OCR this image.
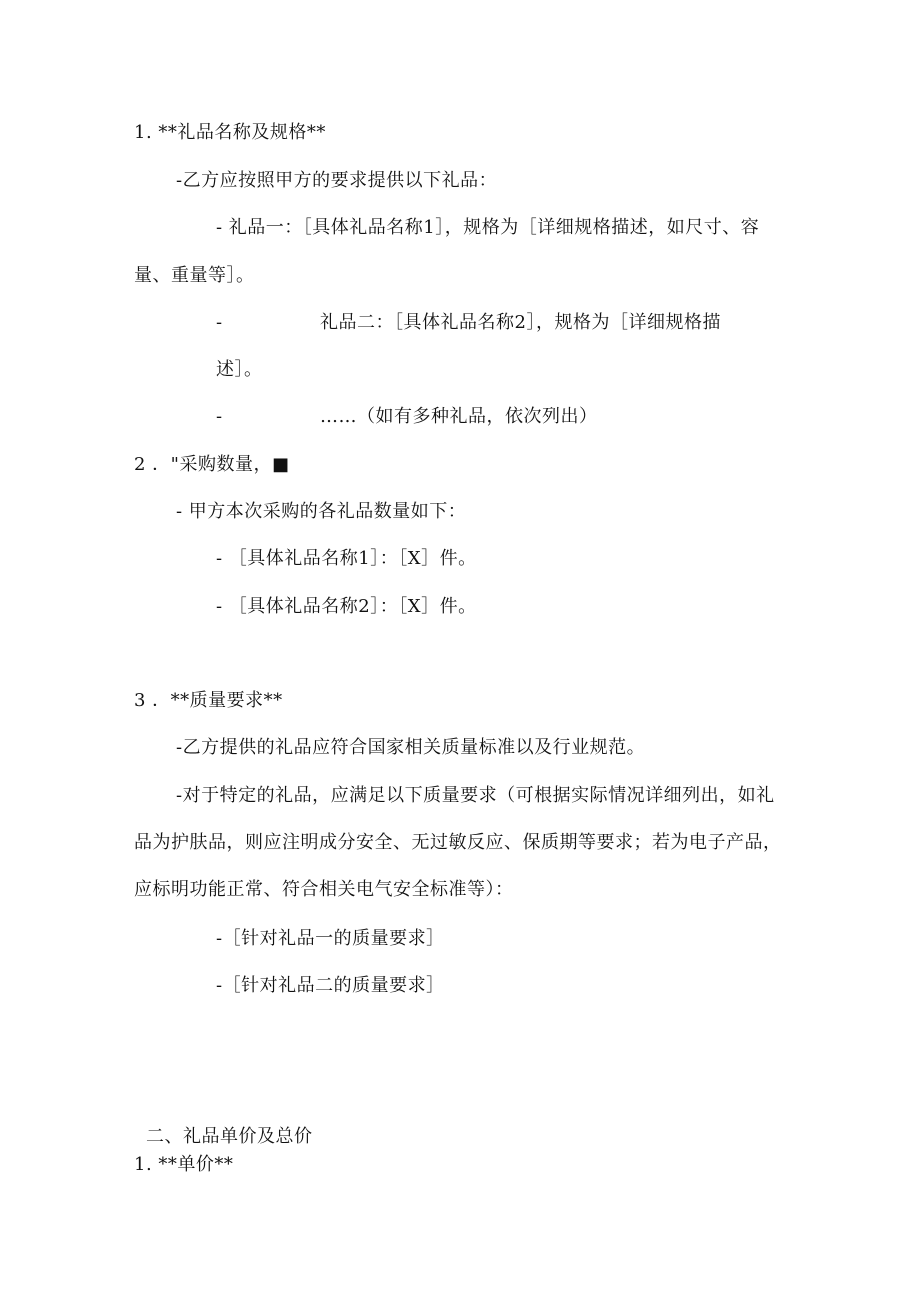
1. **礼品名称及规格**
-乙方应按照甲方的要求提供以下礼品：
- 礼品一：［具体礼品名称1］，规格为［详细规格描述，如尺寸、容
量、重量等］。
-	礼品二：［具体礼品名称2］，规格为［详细规格描
述］。
-	……（如有多种礼品，依次列出）
2 ．"采购数量，■
- 甲方本次采购的各礼品数量如下：
- ［具体礼品名称1］：［X］件。
- ［具体礼品名称2］：［X］件。
3 ．**质量要求**
-乙方提供的礼品应符合国家相关质量标准以及行业规范。
-对于特定的礼品，应满足以下质量要求（可根据实际情况详细列出，如礼
品为护肤品，则应注明成分安全、无过敏反应、保质期等要求；若为电子产品，
应标明功能正常、符合相关电气安全标准等）：
-［针对礼品一的质量要求］
-［针对礼品二的质量要求］
二、礼品单价及总价
1. **单价**
